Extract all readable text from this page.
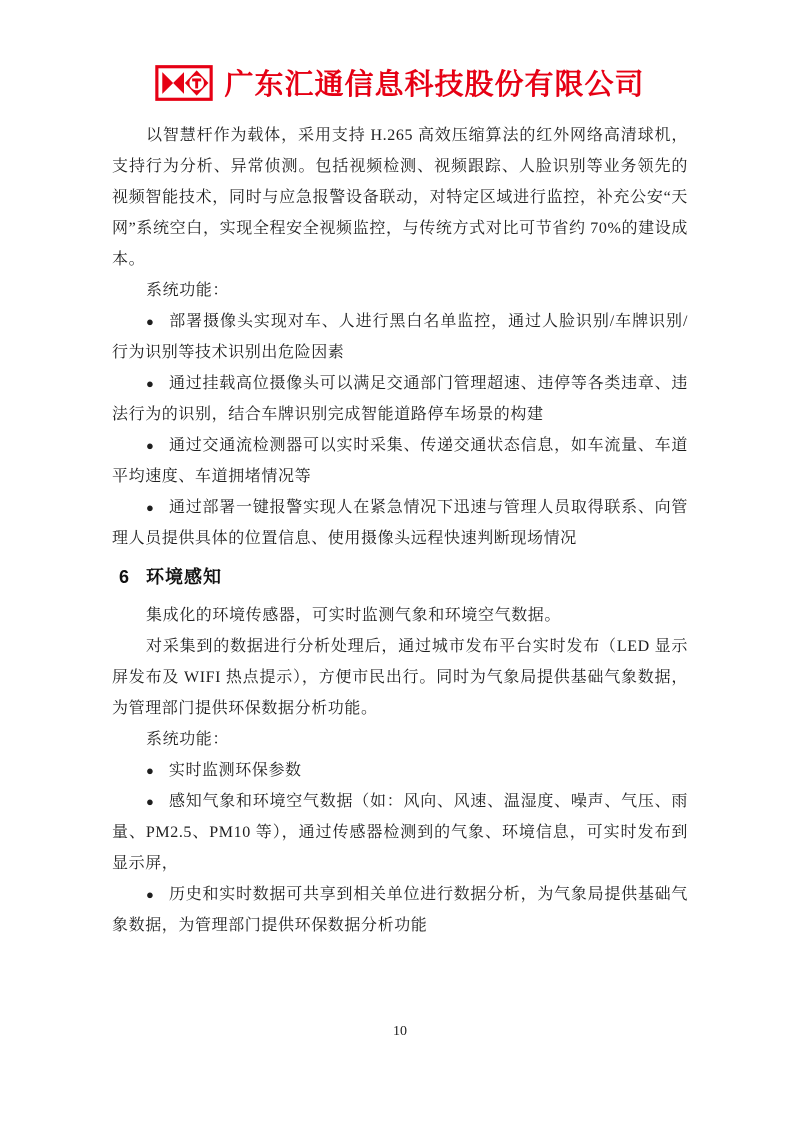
广东汇通信息科技股份有限公司

以智慧杆作为载体，采用支持 H.265 高效压缩算法的红外网络高清球机，支持行为分析、异常侦测。包括视频检测、视频跟踪、人脸识别等业务领先的视频智能技术，同时与应急报警设备联动，对特定区域进行监控，补充公安“天网”系统空白，实现全程安全视频监控，与传统方式对比可节省约 70%的建设成本。

系统功能：

● 部署摄像头实现对车、人进行黑白名单监控，通过人脸识别/车牌识别/行为识别等技术识别出危险因素

● 通过挂载高位摄像头可以满足交通部门管理超速、违停等各类违章、违法行为的识别，结合车牌识别完成智能道路停车场景的构建

● 通过交通流检测器可以实时采集、传递交通状态信息，如车流量、车道平均速度、车道拥堵情况等

● 通过部署一键报警实现人在紧急情况下迅速与管理人员取得联系、向管理人员提供具体的位置信息、使用摄像头远程快速判断现场情况

6 环境感知

集成化的环境传感器，可实时监测气象和环境空气数据。

对采集到的数据进行分析处理后，通过城市发布平台实时发布（LED 显示屏发布及 WIFI 热点提示），方便市民出行。同时为气象局提供基础气象数据，为管理部门提供环保数据分析功能。

系统功能：

● 实时监测环保参数

● 感知气象和环境空气数据（如：风向、风速、温湿度、噪声、气压、雨量、PM2.5、PM10 等），通过传感器检测到的气象、环境信息，可实时发布到显示屏，

● 历史和实时数据可共享到相关单位进行数据分析，为气象局提供基础气象数据，为管理部门提供环保数据分析功能

10
